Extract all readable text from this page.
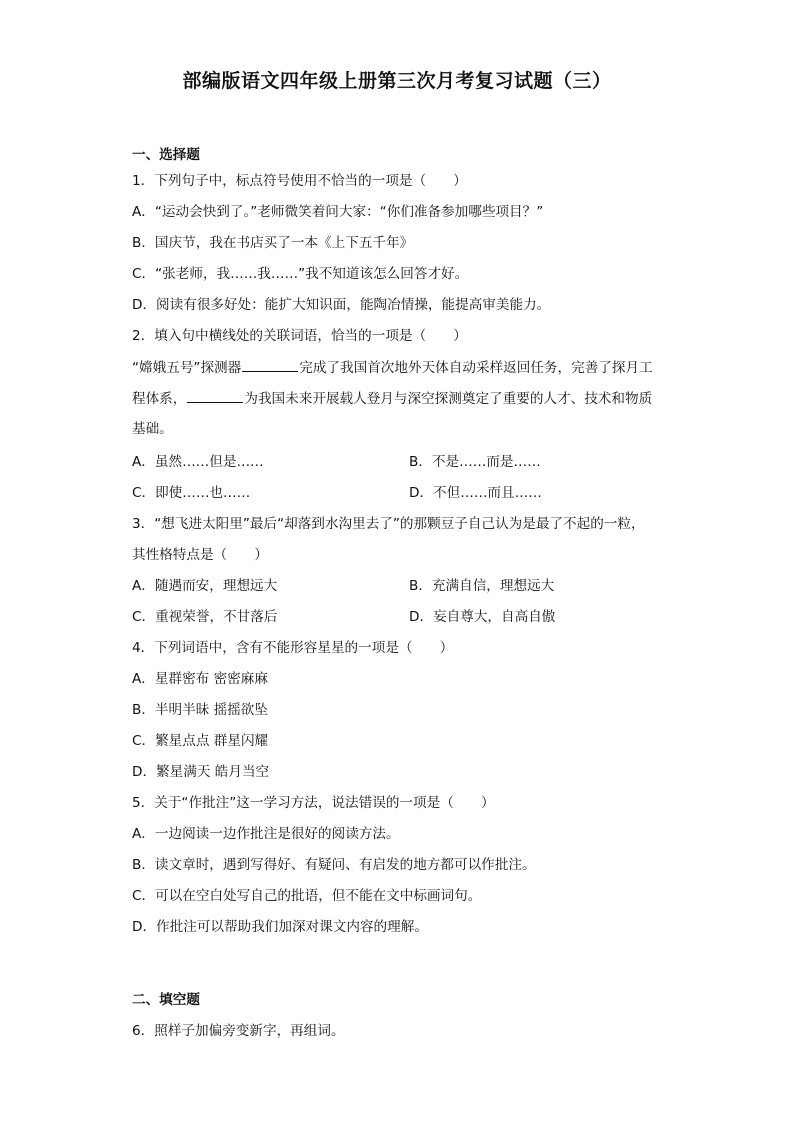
部编版语文四年级上册第三次月考复习试题（三）
一、选择题
1．下列句子中，标点符号使用不恰当的一项是（　　）
A．“运动会快到了。”老师微笑着问大家：“你们准备参加哪些项目？”
B．国庆节，我在书店买了一本《上下五千年》
C．“张老师，我……我……”我不知道该怎么回答才好。
D．阅读有很多好处：能扩大知识面，能陶冶情操，能提高审美能力。
2．填入句中横线处的关联词语，恰当的一项是（　　）
“嫦娥五号”探测器	完成了我国首次地外天体自动采样返回任务，完善了探月工
程体系，	为我国未来开展载人登月与深空探测奠定了重要的人才、技术和物质
基础。
A．虽然……但是……	B．不是……而是……
C．即使……也……	D．不但……而且……
3．“想飞进太阳里”最后“却落到水沟里去了”的那颗豆子自己认为是最了不起的一粒，
其性格特点是（　　）
A．随遇而安，理想远大	B．充满自信，理想远大
C．重视荣誉，不甘落后	D．妄自尊大，自高自傲
4．下列词语中，含有不能形容星星的一项是（　　）
A．星群密布 密密麻麻
B．半明半昧 摇摇欲坠
C．繁星点点 群星闪耀
D．繁星满天 皓月当空
5．关于“作批注”这一学习方法，说法错误的一项是（　　）
A．一边阅读一边作批注是很好的阅读方法。
B．读文章时，遇到写得好、有疑问、有启发的地方都可以作批注。
C．可以在空白处写自己的批语，但不能在文中标画词句。
D．作批注可以帮助我们加深对课文内容的理解。
二、填空题
6．照样子加偏旁变新字，再组词。
